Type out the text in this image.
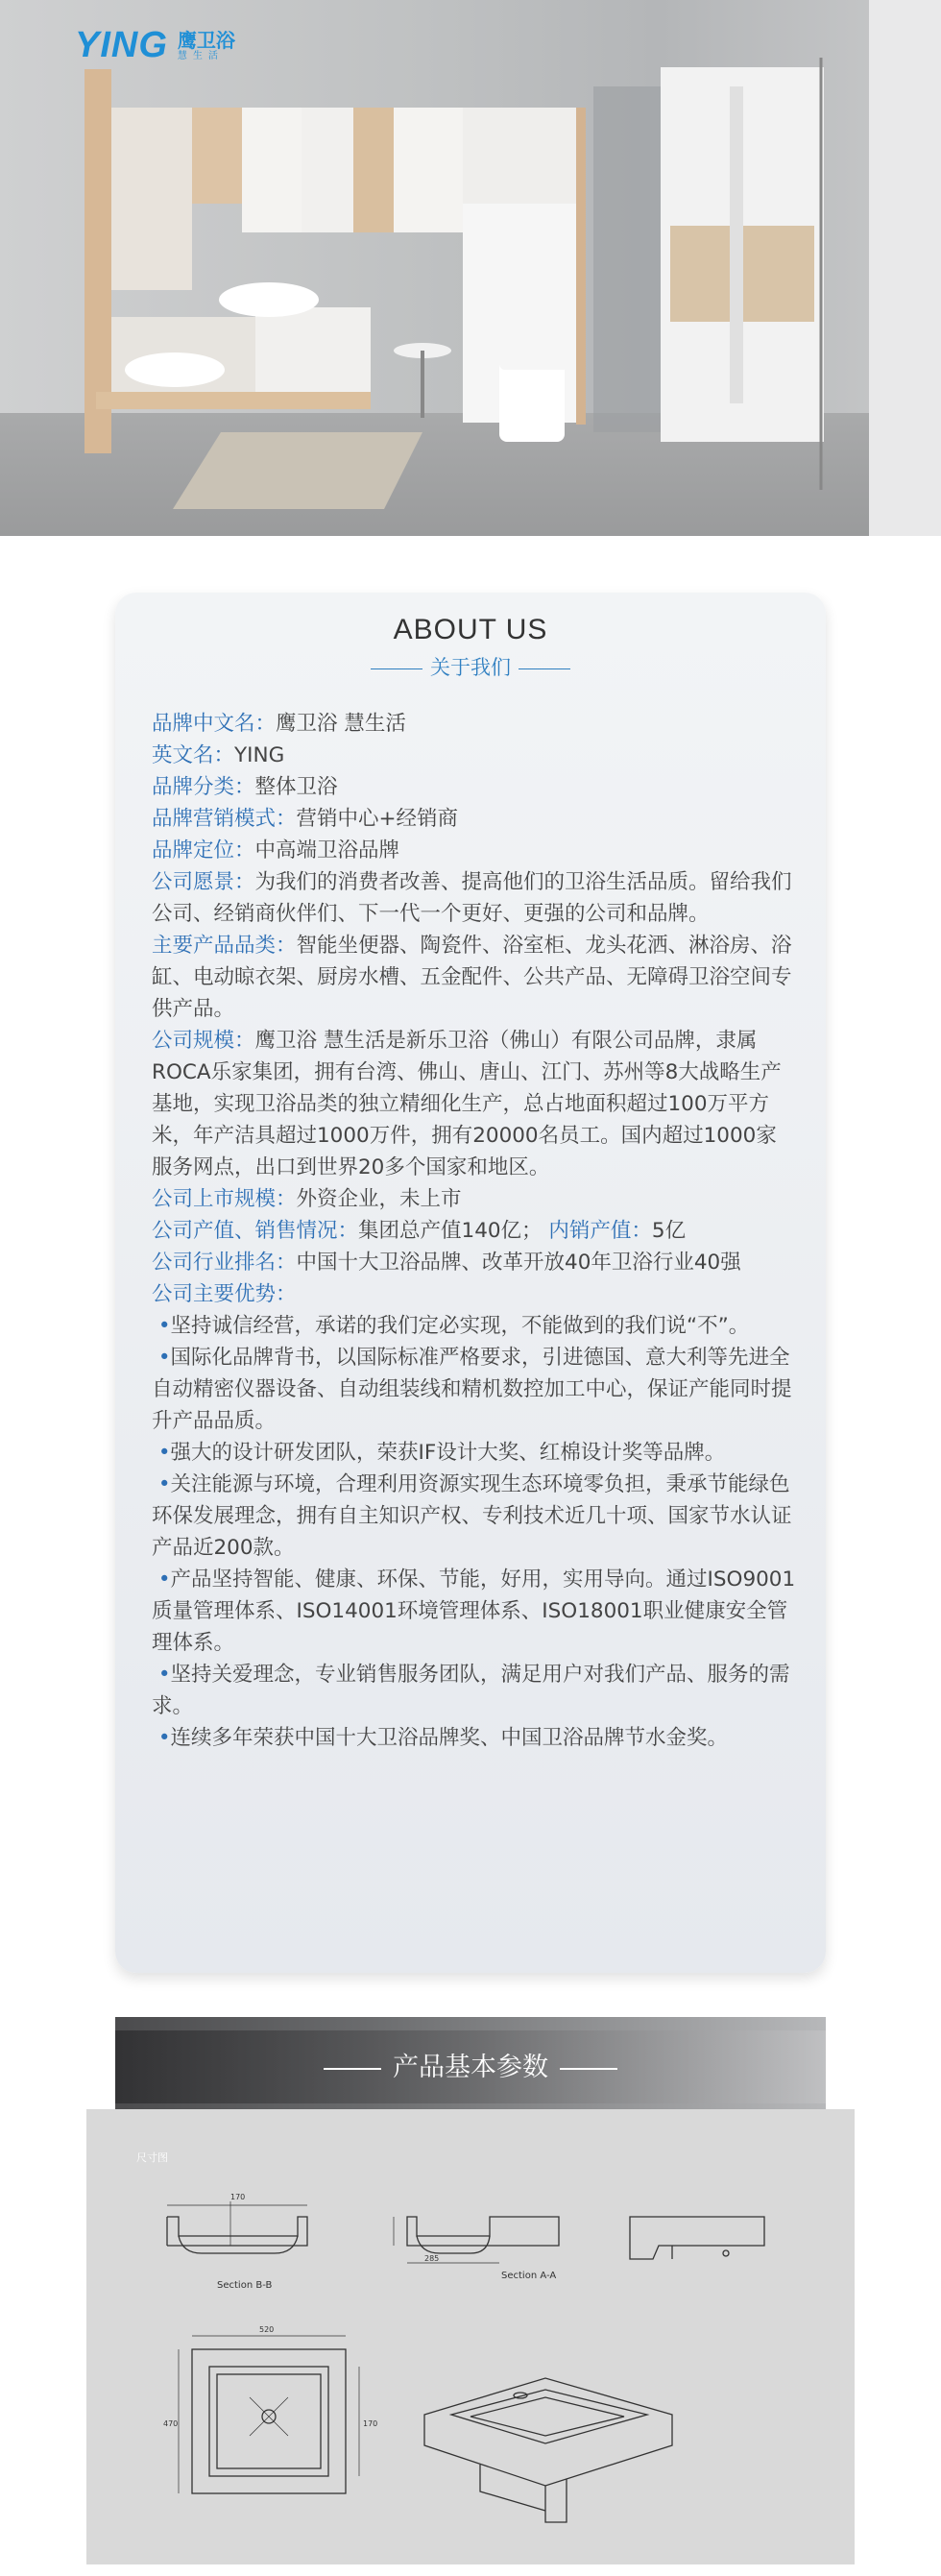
YING 鹰卫浴
慧生活
ABOUT US
关于我们

品牌中文名：鹰卫浴 慧生活

英文名：YING

品牌分类：整体卫浴

品牌营销模式：营销中心+经销商

品牌定位：中高端卫浴品牌

公司愿景：为我们的消费者改善、提高他们的卫浴生活品质。留给我们公司、经销商伙伴们、下一代一个更好、更强的公司和品牌。

主要产品品类：智能坐便器、陶瓷件、浴室柜、龙头花洒、淋浴房、浴缸、电动晾衣架、厨房水槽、五金配件、公共产品、无障碍卫浴空间专供产品。

公司规模：鹰卫浴 慧生活是新乐卫浴（佛山）有限公司品牌，隶属ROCA乐家集团，拥有台湾、佛山、唐山、江门、苏州等8大战略生产基地，实现卫浴品类的独立精细化生产，总占地面积超过100万平方米，年产洁具超过1000万件，拥有20000名员工。国内超过1000家服务网点，出口到世界20多个国家和地区。

公司上市规模：外资企业，未上市

公司产值、销售情况：集团总产值140亿； 内销产值：5亿

公司行业排名：中国十大卫浴品牌、改革开放40年卫浴行业40强

公司主要优势：

•坚持诚信经营，承诺的我们定必实现，不能做到的我们说“不”。

•国际化品牌背书，以国际标准严格要求，引进德国、意大利等先进全自动精密仪器设备、自动组装线和精机数控加工中心，保证产能同时提升产品品质。

•强大的设计研发团队，荣获IF设计大奖、红棉设计奖等品牌。

•关注能源与环境，合理利用资源实现生态环境零负担，秉承节能绿色环保发展理念，拥有自主知识产权、专利技术近几十项、国家节水认证产品近200款。

•产品坚持智能、健康、环保、节能，好用，实用导向。通过ISO9001质量管理体系、ISO14001环境管理体系、ISO18001职业健康安全管理体系。

•坚持关爱理念，专业销售服务团队，满足用户对我们产品、服务的需求。

•连续多年荣获中国十大卫浴品牌奖、中国卫浴品牌节水金奖。

产品基本参数
尺寸图
Section B-B
170
285
Section A-A
520
470	170
